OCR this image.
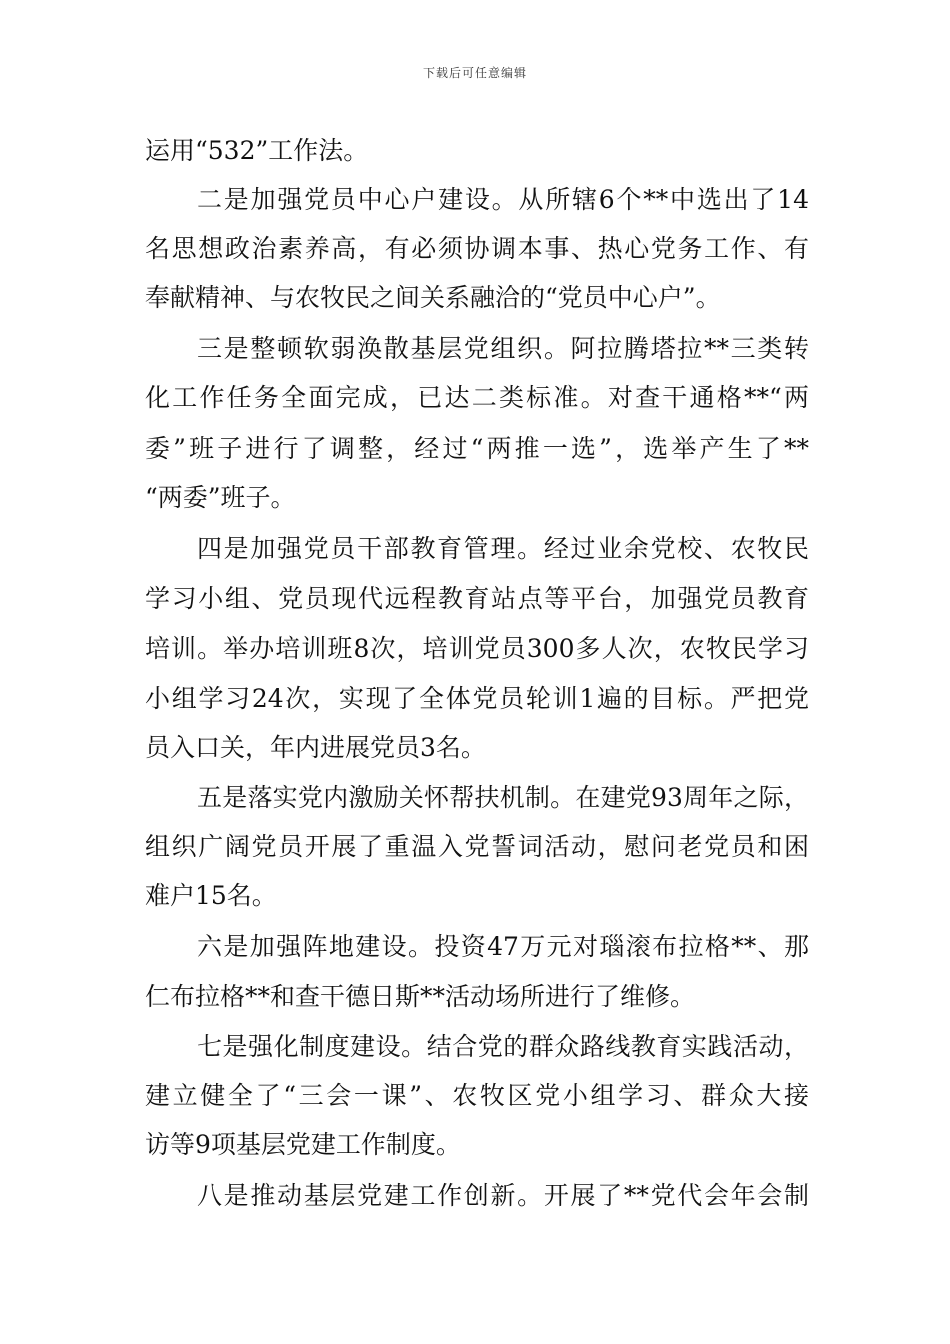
下载后可任意编辑
运用“532”工作法。
二是加强党员中心户建设。从所辖6个**中选出了14
名思想政治素养高，有必须协调本事、热心党务工作、有
奉献精神、与农牧民之间关系融洽的“党员中心户”。
三是整顿软弱涣散基层党组织。阿拉腾塔拉**三类转
化工作任务全面完成，已达二类标准。对查干通格**“两
委”班子进行了调整，经过“两推一选”，选举产生了**
“两委”班子。
四是加强党员干部教育管理。经过业余党校、农牧民
学习小组、党员现代远程教育站点等平台，加强党员教育
培训。举办培训班8次，培训党员300多人次，农牧民学习
小组学习24次，实现了全体党员轮训1遍的目标。严把党
员入口关，年内进展党员3名。
五是落实党内激励关怀帮扶机制。在建党93周年之际，
组织广阔党员开展了重温入党誓词活动，慰问老党员和困
难户15名。
六是加强阵地建设。投资47万元对瑙滚布拉格**、那
仁布拉格**和查干德日斯**活动场所进行了维修。
七是强化制度建设。结合党的群众路线教育实践活动，
建立健全了“三会一课”、农牧区党小组学习、群众大接
访等9项基层党建工作制度。
八是推动基层党建工作创新。开展了**党代会年会制
